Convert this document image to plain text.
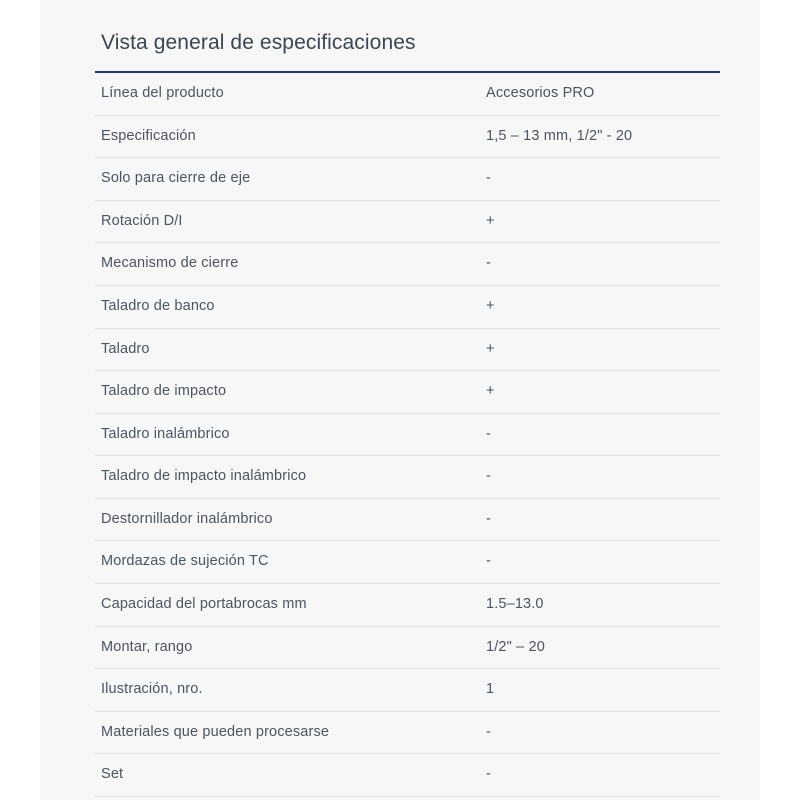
Vista general de especificaciones
Línea del producto	Accesorios PRO
Especificación	1,5 – 13 mm, 1/2" - 20
Solo para cierre de eje	-
Rotación D/I	+
Mecanismo de cierre	-
Taladro de banco	+
Taladro	+
Taladro de impacto	+
Taladro inalámbrico	-
Taladro de impacto inalámbrico	-
Destornillador inalámbrico	-
Mordazas de sujeción TC	-
Capacidad del portabrocas mm	1.5–13.0
Montar, rango	1/2" – 20
Ilustración, nro.	1
Materiales que pueden procesarse	-
Set	-
